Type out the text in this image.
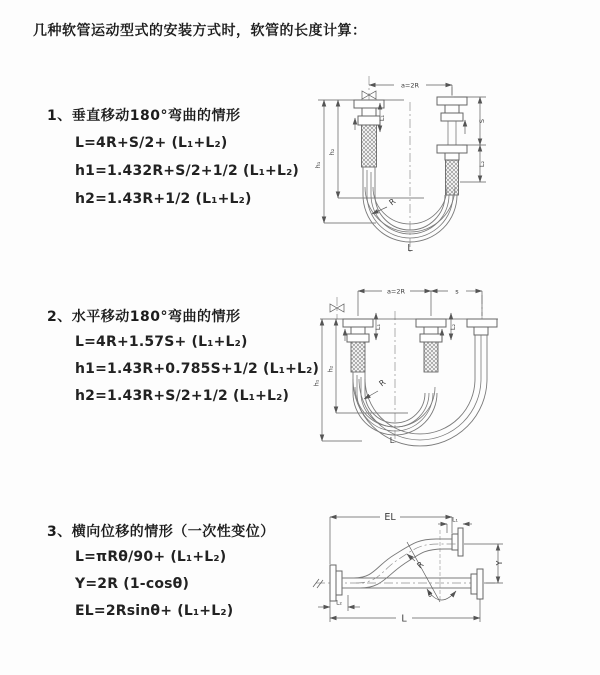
几种软管运动型式的安装方式时，软管的长度计算：
1、垂直移动180°弯曲的情形
L=4R+S/2+ (L₁+L₂)
h1=1.432R+S/2+1/2 (L₁+L₂)
h2=1.43R+1/2 (L₁+L₂)
2、水平移动180°弯曲的情形
L=4R+1.57S+ (L₁+L₂)
h1=1.43R+0.785S+1/2 (L₁+L₂)
h2=1.43R+S/2+1/2 (L₁+L₂)
3、横向位移的情形（一次性变位）
L=πRθ/90+ (L₁+L₂)
Y=2R (1-cosθ)
EL=2Rsinθ+ (L₁+L₂)
a=2R
h₁
h₂
L₁	S
L₂
R
L
a=2R	s
h₁
h₂
L₁	L₂
R
L
EL	L₁
Y
R
θ
L₂
L
